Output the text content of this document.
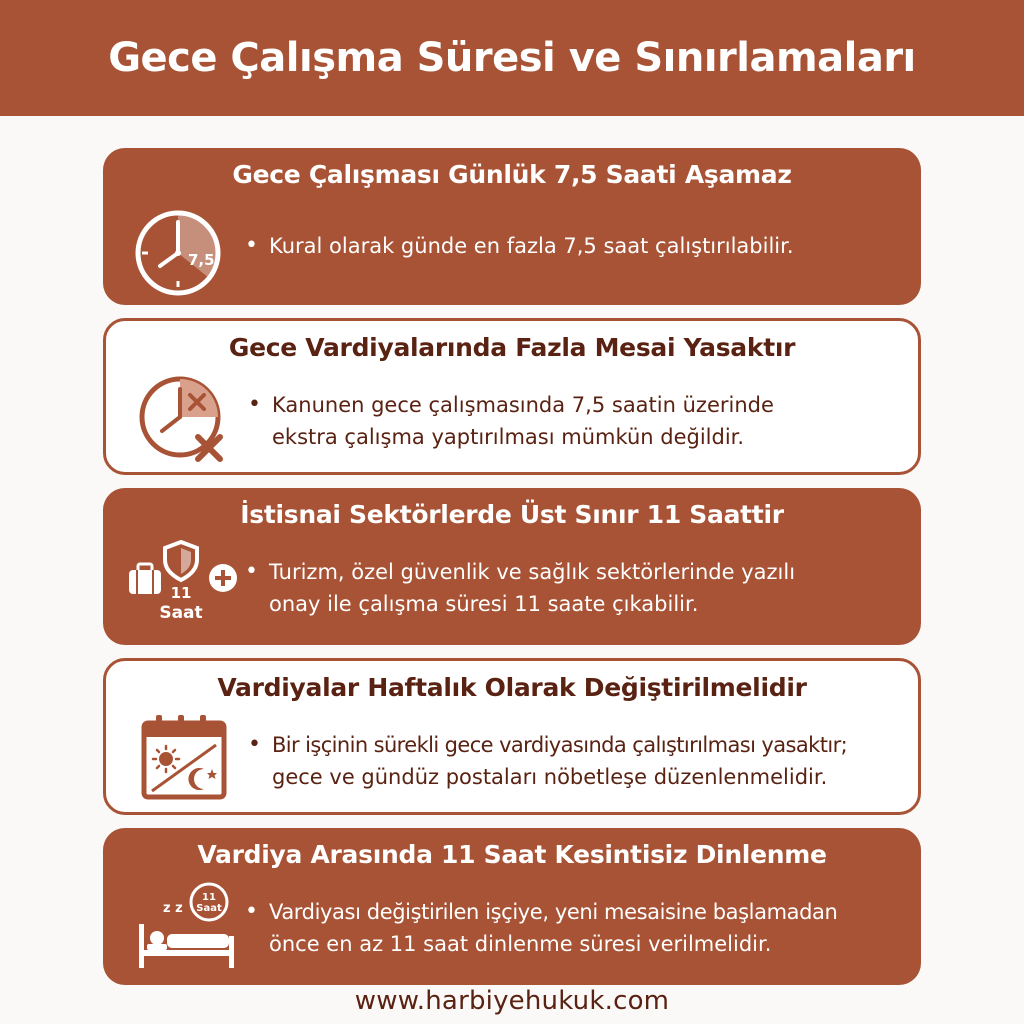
Gece Çalışma Süresi ve Sınırlamaları
Gece Çalışması Günlük 7,5 Saati Aşamaz
7,5
• Kural olarak günde en fazla 7,5 saat çalıştırılabilir.
Gece Vardiyalarında Fazla Mesai Yasaktır
• Kanunen gece çalışmasında 7,5 saatin üzerinde
ekstra çalışma yaptırılması mümkün değildir.
İstisnai Sektörlerde Üst Sınır 11 Saattir
11
Saat
• Turizm, özel güvenlik ve sağlık sektörlerinde yazılı
onay ile çalışma süresi 11 saate çıkabilir.
Vardiyalar Haftalık Olarak Değiştirilmelidir
• Bir işçinin sürekli gece vardiyasında çalıştırılması yasaktır;
gece ve gündüz postaları nöbetleşe düzenlenmelidir.
Vardiya Arasında 11 Saat Kesintisiz Dinlenme
z z
11
Saat • Vardiyası değiştirilen işçiye, yeni mesaisine başlamadan
önce en az 11 saat dinlenme süresi verilmelidir.
www.harbiyehukuk.com
